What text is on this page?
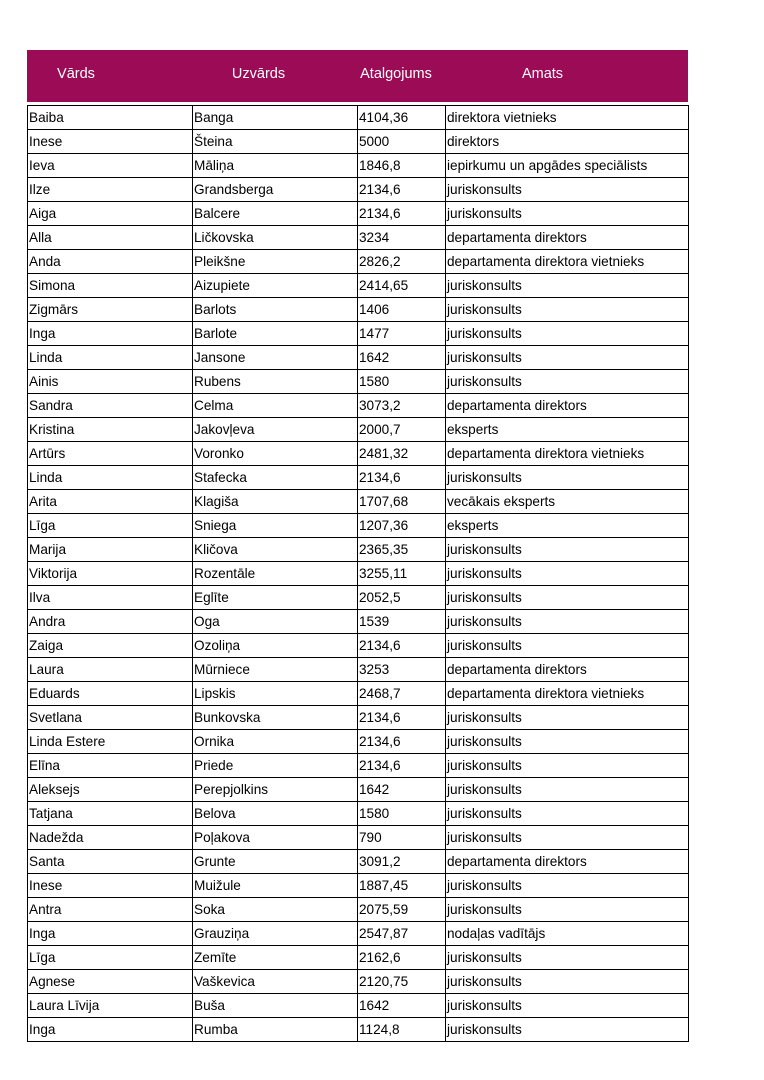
Vārds	Uzvārds	Atalgojums	Amats
Baiba	Banga	4104,36	direktora vietnieks
Inese	Šteina	5000	direktors
Ieva	Māliņa	1846,8	iepirkumu un apgādes speciālists
Ilze	Grandsberga	2134,6	juriskonsults
Aiga	Balcere	2134,6	juriskonsults
Alla	Ličkovska	3234	departamenta direktors
Anda	Pleikšne	2826,2	departamenta direktora vietnieks
Simona	Aizupiete	2414,65	juriskonsults
Zigmārs	Barlots	1406	juriskonsults
Inga	Barlote	1477	juriskonsults
Linda	Jansone	1642	juriskonsults
Ainis	Rubens	1580	juriskonsults
Sandra	Celma	3073,2	departamenta direktors
Kristina	Jakovļeva	2000,7	eksperts
Artūrs	Voronko	2481,32	departamenta direktora vietnieks
Linda	Stafecka	2134,6	juriskonsults
Arita	Klagiša	1707,68	vecākais eksperts
Līga	Sniega	1207,36	eksperts
Marija	Kličova	2365,35	juriskonsults
Viktorija	Rozentāle	3255,11	juriskonsults
Ilva	Eglīte	2052,5	juriskonsults
Andra	Oga	1539	juriskonsults
Zaiga	Ozoliņa	2134,6	juriskonsults
Laura	Mūrniece	3253	departamenta direktors
Eduards	Lipskis	2468,7	departamenta direktora vietnieks
Svetlana	Bunkovska	2134,6	juriskonsults
Linda Estere	Ornika	2134,6	juriskonsults
Elīna	Priede	2134,6	juriskonsults
Aleksejs	Perepjolkins	1642	juriskonsults
Tatjana	Belova	1580	juriskonsults
Nadežda	Poļakova	790	juriskonsults
Santa	Grunte	3091,2	departamenta direktors
Inese	Muižule	1887,45	juriskonsults
Antra	Soka	2075,59	juriskonsults
Inga	Grauziņa	2547,87	nodaļas vadītājs
Līga	Zemīte	2162,6	juriskonsults
Agnese	Vaškevica	2120,75	juriskonsults
Laura Līvija	Buša	1642	juriskonsults
Inga	Rumba	1124,8	juriskonsults
